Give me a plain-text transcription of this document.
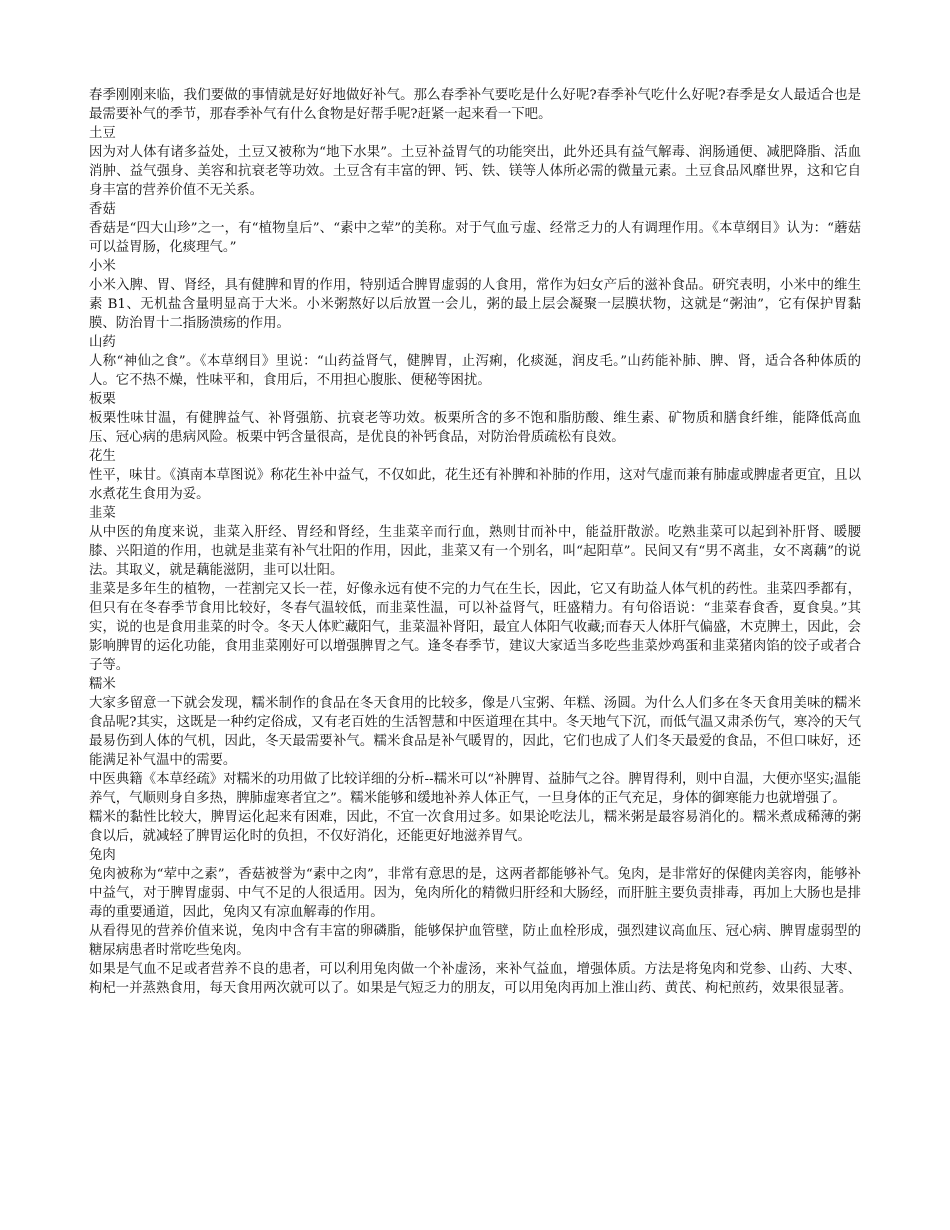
春季刚刚来临，我们要做的事情就是好好地做好补气。那么春季补气要吃是什么好呢?春季补气吃什么好呢?春季是女人最适合也是最需要补气的季节，那春季补气有什么食物是好帮手呢?赶紧一起来看一下吧。

土豆

因为对人体有诸多益处，土豆又被称为“地下水果”。土豆补益胃气的功能突出，此外还具有益气解毒、润肠通便、减肥降脂、活血消肿、益气强身、美容和抗衰老等功效。土豆含有丰富的钾、钙、铁、镁等人体所必需的微量元素。土豆食品风靡世界，这和它自身丰富的营养价值不无关系。

香菇

香菇是“四大山珍”之一，有“植物皇后”、“素中之荤”的美称。对于气血亏虚、经常乏力的人有调理作用。《本草纲目》认为：“蘑菇可以益胃肠，化痰理气。”

小米

小米入脾、胃、肾经，具有健脾和胃的作用，特别适合脾胃虚弱的人食用，常作为妇女产后的滋补食品。研究表明，小米中的维生素 B1、无机盐含量明显高于大米。小米粥熬好以后放置一会儿，粥的最上层会凝聚一层膜状物，这就是“粥油”，它有保护胃黏膜、防治胃十二指肠溃疡的作用。

山药

人称“神仙之食”。《本草纲目》里说：“山药益肾气，健脾胃，止泻痢，化痰涎，润皮毛。”山药能补肺、脾、肾，适合各种体质的人。它不热不燥，性味平和，食用后，不用担心腹胀、便秘等困扰。

板栗

板栗性味甘温，有健脾益气、补肾强筋、抗衰老等功效。板栗所含的多不饱和脂肪酸、维生素、矿物质和膳食纤维，能降低高血压、冠心病的患病风险。板栗中钙含量很高，是优良的补钙食品，对防治骨质疏松有良效。

花生

性平，味甘。《滇南本草图说》称花生补中益气，不仅如此，花生还有补脾和补肺的作用，这对气虚而兼有肺虚或脾虚者更宜，且以水煮花生食用为妥。

韭菜

从中医的角度来说，韭菜入肝经、胃经和肾经，生韭菜辛而行血，熟则甘而补中，能益肝散淤。吃熟韭菜可以起到补肝肾、暖腰膝、兴阳道的作用，也就是韭菜有补气壮阳的作用，因此，韭菜又有一个别名，叫“起阳草”。民间又有“男不离韭，女不离藕”的说法。其取义，就是藕能滋阴，韭可以壮阳。

韭菜是多年生的植物，一茬割完又长一茬，好像永远有使不完的力气在生长，因此，它又有助益人体气机的药性。韭菜四季都有，但只有在冬春季节食用比较好，冬春气温较低，而韭菜性温，可以补益肾气，旺盛精力。有句俗语说：“韭菜春食香，夏食臭。”其实，说的也是食用韭菜的时令。冬天人体贮藏阳气，韭菜温补肾阳，最宜人体阳气收藏;而春天人体肝气偏盛，木克脾土，因此，会影响脾胃的运化功能，食用韭菜刚好可以增强脾胃之气。逢冬春季节，建议大家适当多吃些韭菜炒鸡蛋和韭菜猪肉馅的饺子或者合子等。

糯米

大家多留意一下就会发现，糯米制作的食品在冬天食用的比较多，像是八宝粥、年糕、汤圆。为什么人们多在冬天食用美味的糯米食品呢?其实，这既是一种约定俗成，又有老百姓的生活智慧和中医道理在其中。冬天地气下沉，而低气温又肃杀伤气，寒冷的天气最易伤到人体的气机，因此，冬天最需要补气。糯米食品是补气暖胃的，因此，它们也成了人们冬天最爱的食品，不但口味好，还能满足补气温中的需要。

中医典籍《本草经疏》对糯米的功用做了比较详细的分析--糯米可以“补脾胃、益肺气之谷。脾胃得利，则中自温，大便亦坚实;温能养气，气顺则身自多热，脾肺虚寒者宜之”。糯米能够和缓地补养人体正气，一旦身体的正气充足，身体的御寒能力也就增强了。

糯米的黏性比较大，脾胃运化起来有困难，因此，不宜一次食用过多。如果论吃法儿，糯米粥是最容易消化的。糯米煮成稀薄的粥食以后，就减轻了脾胃运化时的负担，不仅好消化，还能更好地滋养胃气。

兔肉

兔肉被称为“荤中之素”，香菇被誉为“素中之肉”，非常有意思的是，这两者都能够补气。兔肉，是非常好的保健肉美容肉，能够补中益气，对于脾胃虚弱、中气不足的人很适用。因为，兔肉所化的精微归肝经和大肠经，而肝脏主要负责排毒，再加上大肠也是排毒的重要通道，因此，兔肉又有凉血解毒的作用。

从看得见的营养价值来说，兔肉中含有丰富的卵磷脂，能够保护血管壁，防止血栓形成，强烈建议高血压、冠心病、脾胃虚弱型的糖尿病患者时常吃些兔肉。

如果是气血不足或者营养不良的患者，可以利用兔肉做一个补虚汤，来补气益血，增强体质。方法是将兔肉和党参、山药、大枣、枸杞一并蒸熟食用，每天食用两次就可以了。如果是气短乏力的朋友，可以用兔肉再加上淮山药、黄芪、枸杞煎药，效果很显著。
